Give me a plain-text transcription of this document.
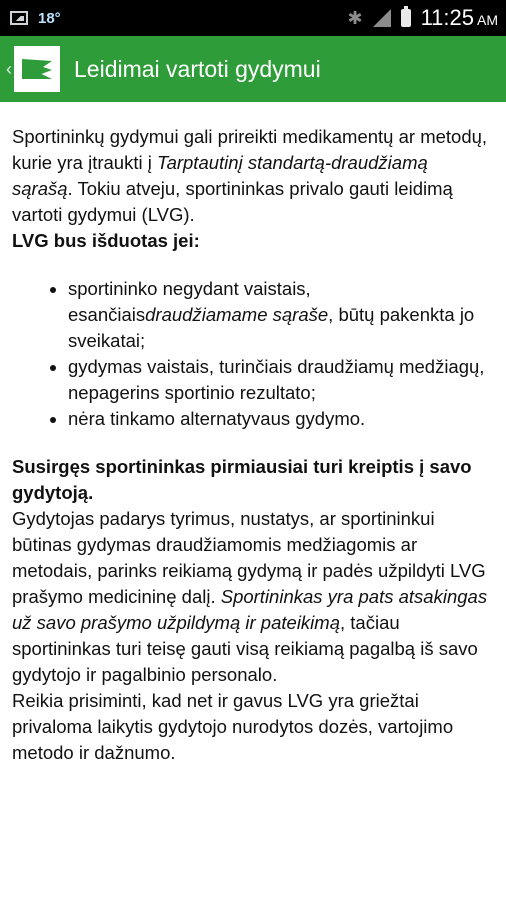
18°	✱	11:25 AM
‹	Leidimai vartoti gydymui

Sportininkų gydymui gali prireikti medikamentų ar metodų, kurie yra įtraukti į Tarptautinį standartą-draudžiamą sąrašą. Tokiu atveju, sportininkas privalo gauti leidimą vartoti gydymui (LVG).

LVG bus išduotas jei:

• sportininko negydant vaistais, esančiaisdraudžiamame sąraše, būtų pakenkta jo sveikatai;
• gydymas vaistais, turinčiais draudžiamų medžiagų, nepagerins sportinio rezultato;
• nėra tinkamo alternatyvaus gydymo.

Susirgęs sportininkas pirmiausiai turi kreiptis į savo gydytoją.

Gydytojas padarys tyrimus, nustatys, ar sportininkui būtinas gydymas draudžiamomis medžiagomis ar metodais, parinks reikiamą gydymą ir padės užpildyti LVG prašymo medicininę dalį. Sportininkas yra pats atsakingas už savo prašymo užpildymą ir pateikimą, tačiau sportininkas turi teisę gauti visą reikiamą pagalbą iš savo gydytojo ir pagalbinio personalo.

Reikia prisiminti, kad net ir gavus LVG yra griežtai privaloma laikytis gydytojo nurodytos dozės, vartojimo metodo ir dažnumo.
